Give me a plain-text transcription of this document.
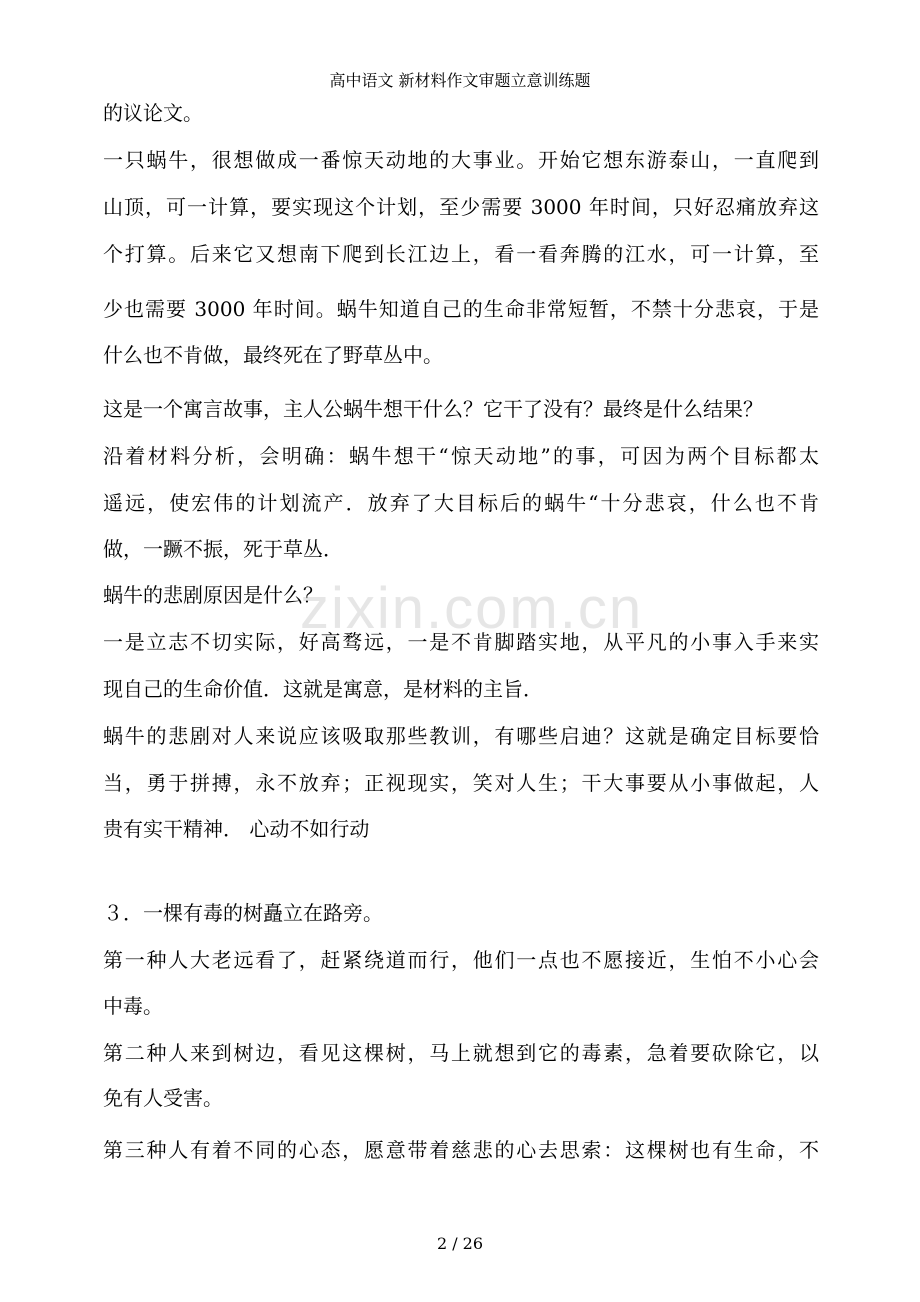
高中语文 新材料作文审题立意训练题
zixin.com.cn
的议论文。
一只蜗牛，很想做成一番惊天动地的大事业。开始它想东游泰山，一直爬到
山顶，可一计算，要实现这个计划，至少需要 3000 年时间，只好忍痛放弃这
个打算。后来它又想南下爬到长江边上，看一看奔腾的江水，可一计算，至
少也需要 3000 年时间。蜗牛知道自己的生命非常短暂，不禁十分悲哀，于是
什么也不肯做，最终死在了野草丛中。
这是一个寓言故事，主人公蜗牛想干什么？它干了没有？最终是什么结果？
沿着材料分析，会明确：蜗牛想干“惊天动地”的事，可因为两个目标都太
遥远，使宏伟的计划流产．放弃了大目标后的蜗牛“十分悲哀，什么也不肯
做，一蹶不振，死于草丛．
蜗牛的悲剧原因是什么？
一是立志不切实际，好高骛远，一是不肯脚踏实地，从平凡的小事入手来实
现自己的生命价值．这就是寓意，是材料的主旨．
蜗牛的悲剧对人来说应该吸取那些教训，有哪些启迪？这就是确定目标要恰
当，勇于拼搏，永不放弃；正视现实，笑对人生；干大事要从小事做起，人
贵有实干精神． 心动不如行动
３．一棵有毒的树矗立在路旁。
第一种人大老远看了，赶紧绕道而行，他们一点也不愿接近，生怕不小心会
中毒。
第二种人来到树边，看见这棵树，马上就想到它的毒素，急着要砍除它，以
免有人受害。
第三种人有着不同的心态，愿意带着慈悲的心去思索：这棵树也有生命，不
2 / 26
